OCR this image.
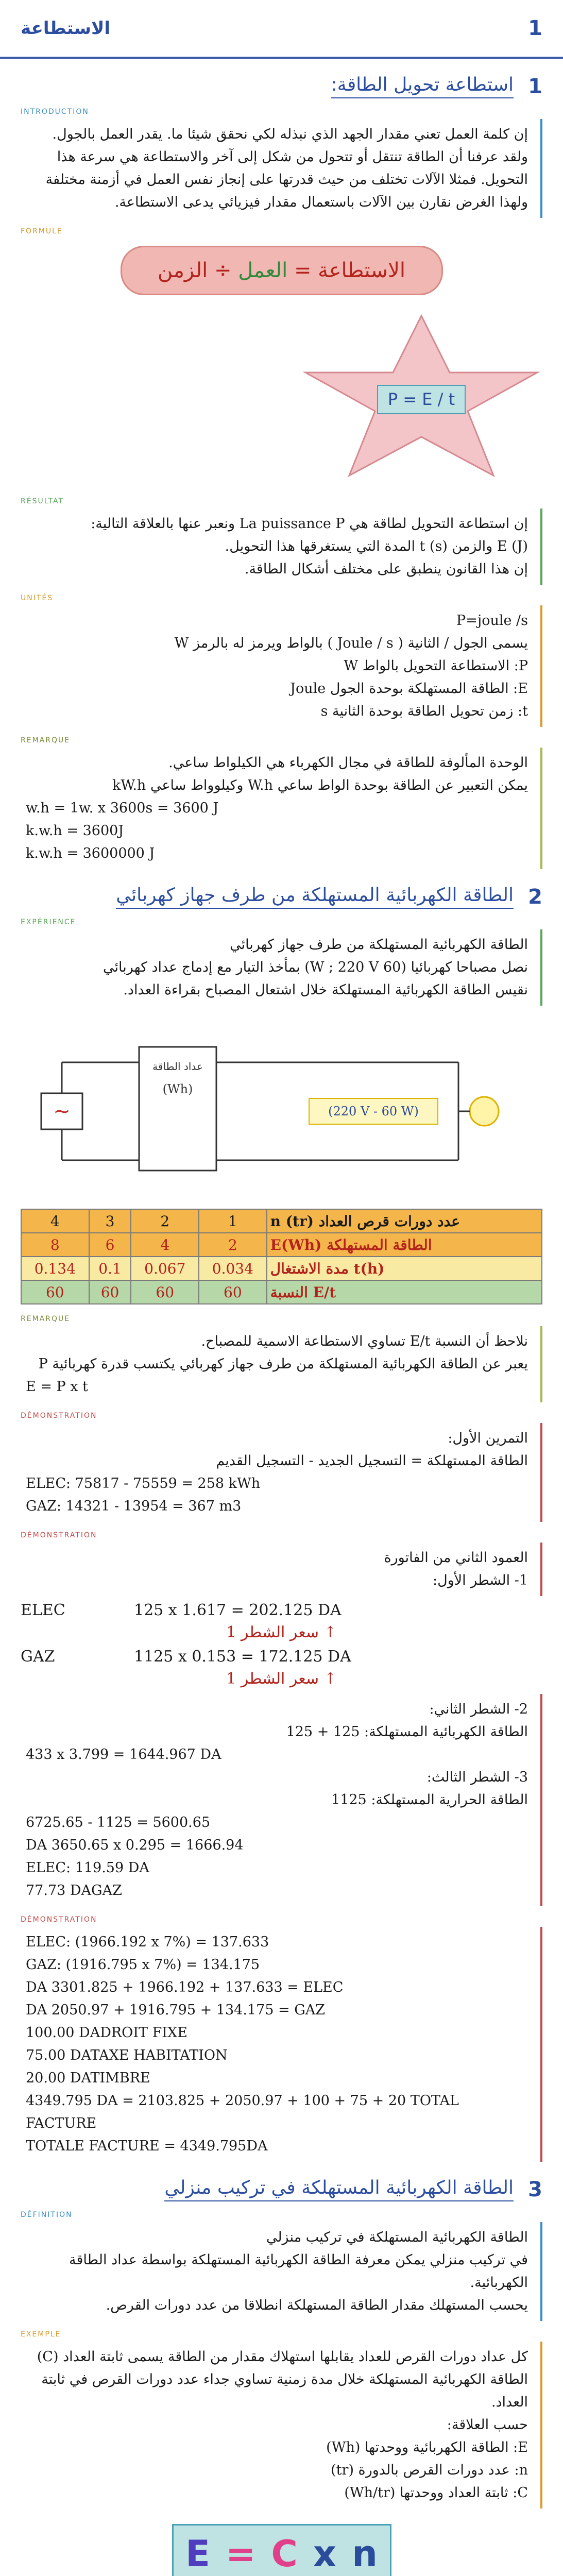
1
الاستطاعة
1
استطاعة تحويل الطاقة:
INTRODUCTION

إن كلمة العمل تعني مقدار الجهد الذي نبذله لكي نحقق شيئا ما. يقدر العمل بالجول.

ولقد عرفنا أن الطاقة تنتقل أو تتحول من شكل إلى آخر والاستطاعة هي سرعة هذا

التحويل. فمثلا الآلات تختلف من حيث قدرتها على إنجاز نفس العمل في أزمنة مختلفة

ولهذا الغرض نقارن بين الآلات باستعمال مقدار فيزيائي يدعى الاستطاعة.

FORMULE
الاستطاعة

=

العمل

÷

الزمن
P = E / t
RÉSULTAT

إن استطاعة التحويل لطاقة هي La puissance P ونعبر عنها بالعلاقة التالية:

E (J) والزمن t (s) المدة التي يستغرقها هذا التحويل.

إن هذا القانون ينطبق على مختلف أشكال الطاقة.

UNITÉS

P=joule /s

يسمى الجول / الثانية ( Joule / s ) بالواط ويرمز له بالرمز W

P: الاستطاعة التحويل بالواط W

E: الطاقة المستهلكة بوحدة الجول Joule

t: زمن تحويل الطاقة بوحدة الثانية s

REMARQUE

الوحدة المألوفة للطاقة في مجال الكهرباء هي الكيلواط ساعي.

يمكن التعبير عن الطاقة بوحدة الواط ساعي W.h وكيلوواط ساعي kW.h

w.h = 1w. x 3600s = 3600 J

k.w.h = 3600J

k.w.h = 3600000 J

2
الطاقة الكهربائية المستهلكة من طرف جهاز كهربائي
EXPÉRIENCE

الطاقة الكهربائية المستهلكة من طرف جهاز كهربائي

نصل مصباحا كهربائيا (60 W ; 220 V) بمأخذ التيار مع إدماج عداد كهربائي

نقيس الطاقة الكهربائية المستهلكة خلال اشتعال المصباح بقراءة العداد.

~
عداد الطاقة
(Wh)
(220 V - 60 W)
4	3	2	1	n (tr) عدد دورات قرص العداد
8	6	4	2	E(Wh) الطاقة المستهلكة
0.134	0.1	0.067	0.034	مدة الاشتغال t(h)
60	60	60	60	النسبة E/t
REMARQUE

نلاحظ أن النسبة E/t تساوي الاستطاعة الاسمية للمصباح.

يعبر عن الطاقة الكهربائية المستهلكة من طرف جهاز كهربائي يكتسب قدرة كهربائية P

E = P x t

DÉMONSTRATION

التمرين الأول:

الطاقة المستهلكة = التسجيل الجديد - التسجيل القديم

ELEC: 75817 - 75559 = 258 kWh

GAZ: 14321 - 13954 = 367 m3

DÉMONSTRATION

العمود الثاني من الفاتورة

1- الشطر الأول:

ELEC	125 x 1.617 = 202.125 DA
↑ سعر الشطر 1
GAZ	1125 x 0.153 = 172.125 DA
↑ سعر الشطر 1

2- الشطر الثاني:

الطاقة الكهربائية المستهلكة: 125 + 125

433 x 3.799 = 1644.967 DA

3- الشطر الثالث:

الطاقة الحرارية المستهلكة: 1125

6725.65 - 1125 = 5600.65

DA 3650.65 x 0.295 = 1666.94

ELEC: 119.59 DA

77.73 DAGAZ

DÉMONSTRATION

ELEC: (1966.192 x 7%) = 137.633

GAZ: (1916.795 x 7%) = 134.175

DA 3301.825 + 1966.192 + 137.633 = ELEC

DA 2050.97 + 1916.795 + 134.175 = GAZ

100.00 DADROIT FIXE

75.00 DATAXE HABITATION

20.00 DATIMBRE

4349.795 DA = 2103.825 + 2050.97 + 100 + 75 + 20 TOTAL FACTURE

TOTALE FACTURE = 4349.795DA

3
الطاقة الكهربائية المستهلكة في تركيب منزلي
DÉFINITION

الطاقة الكهربائية المستهلكة في تركيب منزلي

في تركيب منزلي يمكن معرفة الطاقة الكهربائية المستهلكة بواسطة عداد الطاقة الكهربائية.

يحسب المستهلك مقدار الطاقة المستهلكة انطلاقا من عدد دورات القرص.

EXEMPLE

كل عداد دورات القرص للعداد يقابلها استهلاك مقدار من الطاقة يسمى ثابتة العداد (C)

الطاقة الكهربائية المستهلكة خلال مدة زمنية تساوي جداء عدد دورات القرص في ثابتة العداد.

حسب العلاقة:

E: الطاقة الكهربائية ووحدتها (Wh)

n: عدد دورات القرص بالدورة (tr)

C: ثابتة العداد ووحدتها (Wh/tr)

E = C x n
